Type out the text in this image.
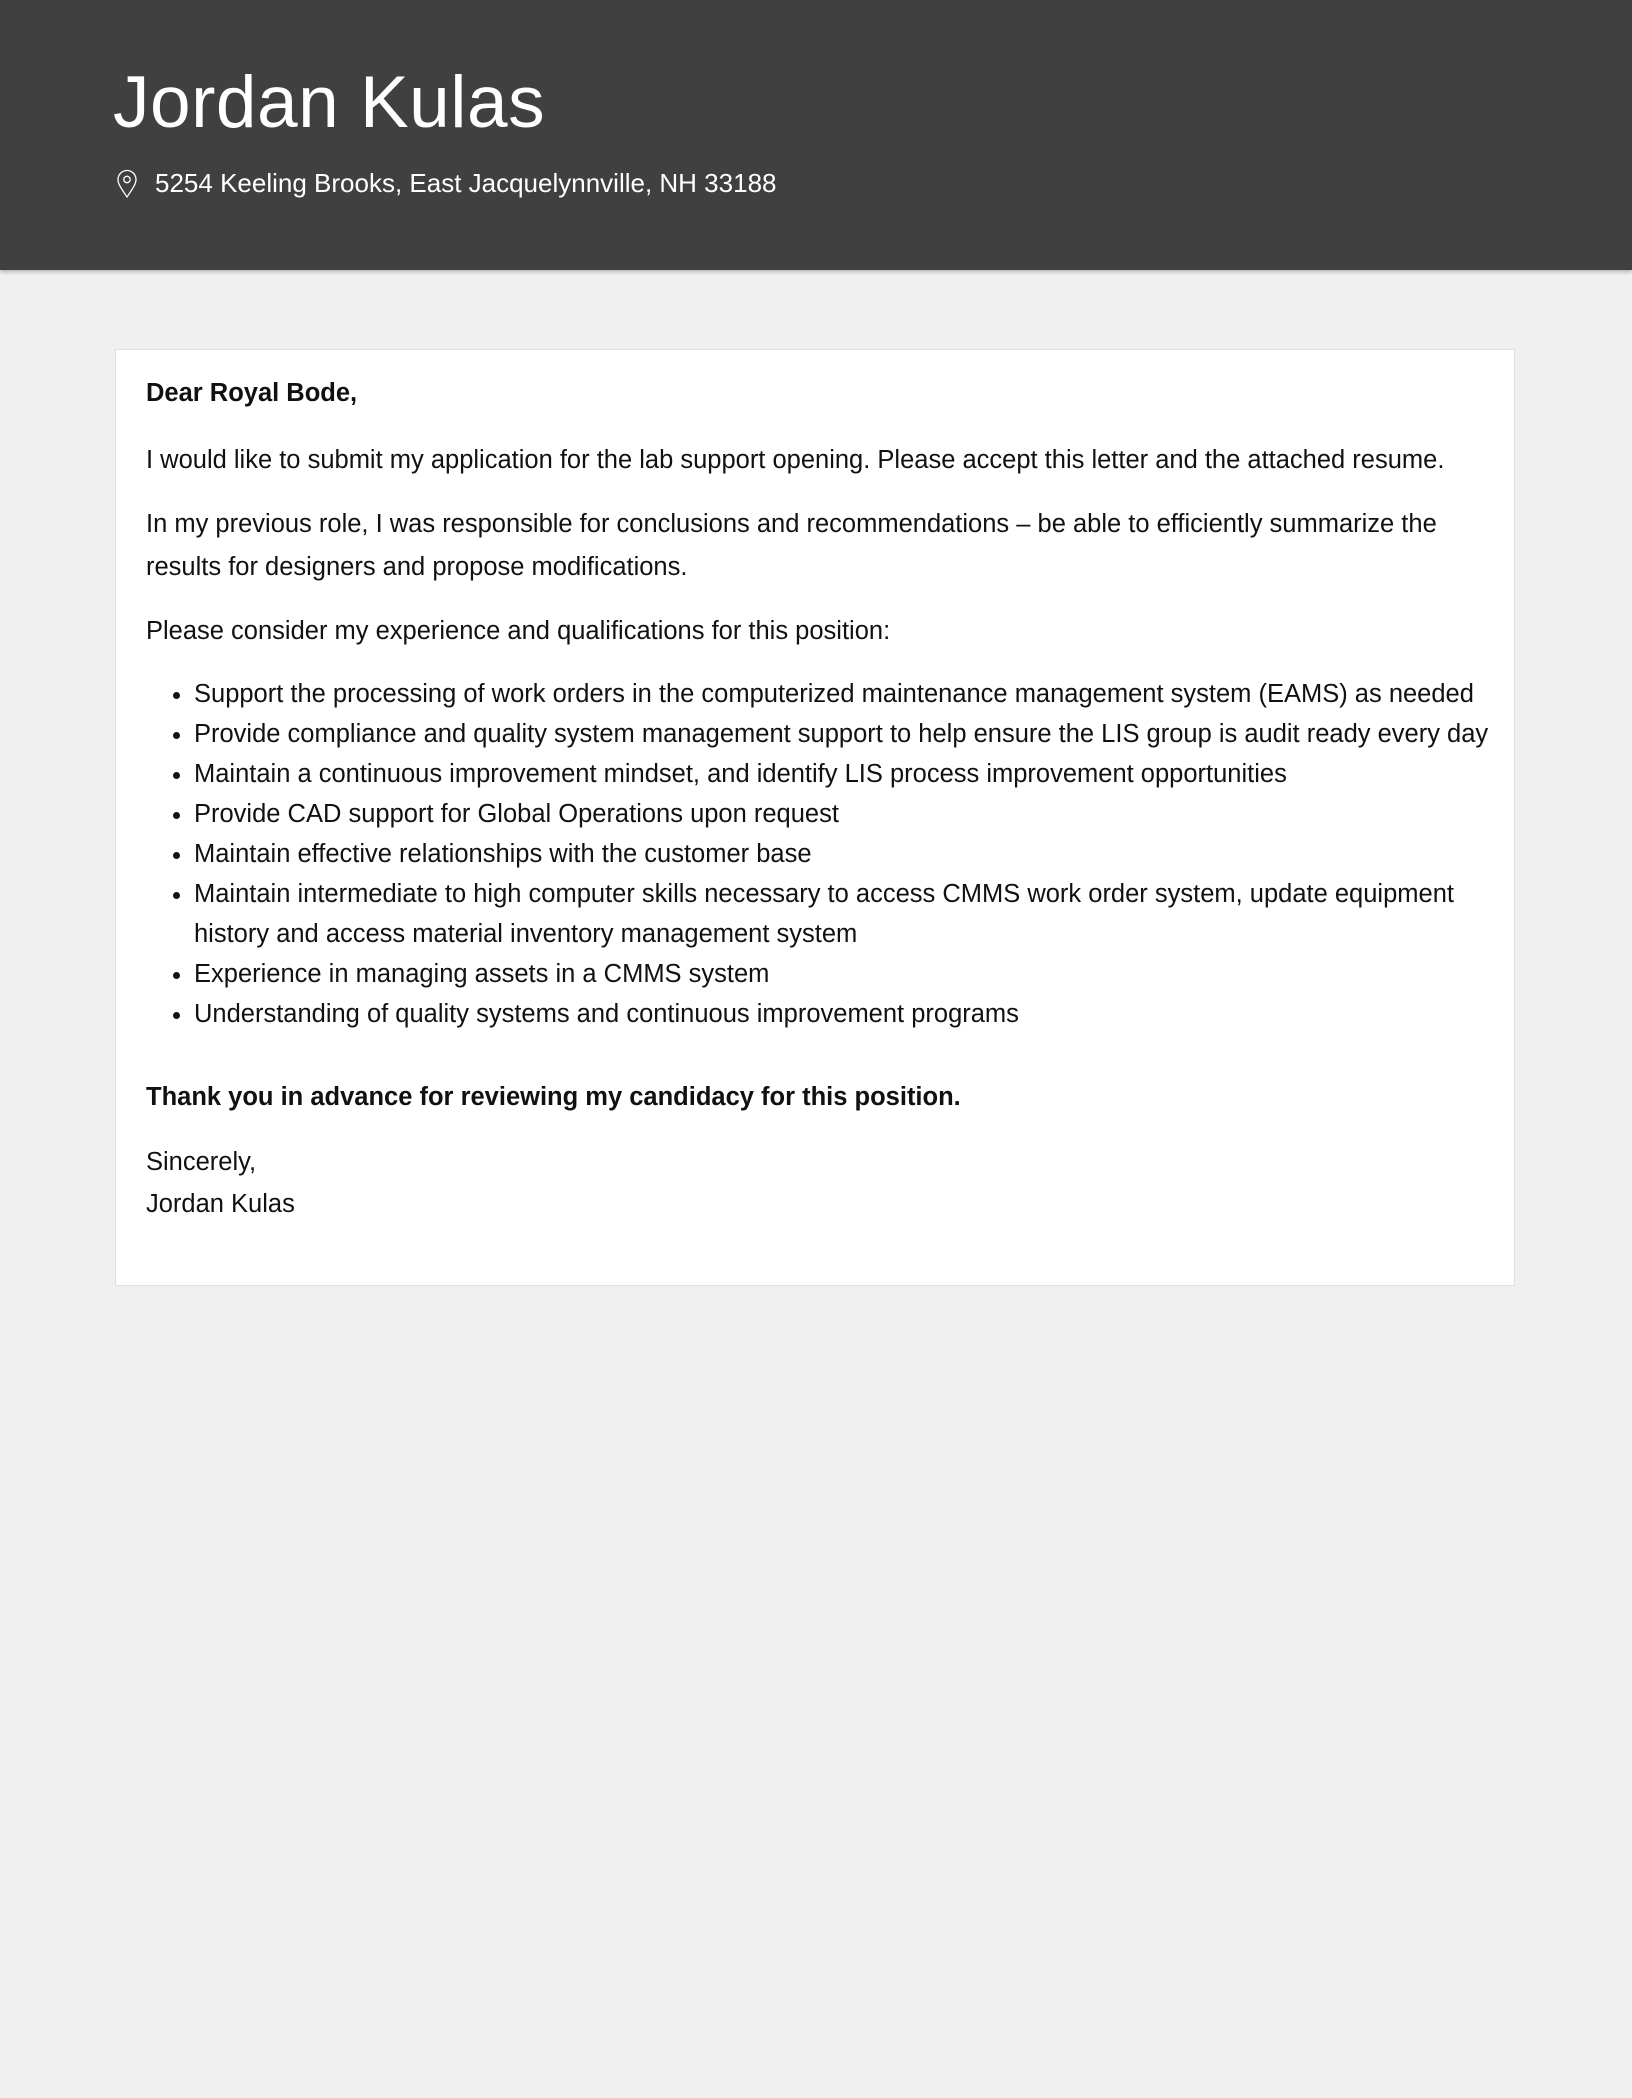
Jordan Kulas
5254 Keeling Brooks, East Jacquelynnville, NH 33188

Dear Royal Bode,

I would like to submit my application for the lab support opening. Please accept this letter and the attached resume.

In my previous role, I was responsible for conclusions and recommendations – be able to efficiently summarize the results for designers and propose modifications.

Please consider my experience and qualifications for this position:

• Support the processing of work orders in the computerized maintenance management system (EAMS) as needed
• Provide compliance and quality system management support to help ensure the LIS group is audit ready every day
• Maintain a continuous improvement mindset, and identify LIS process improvement opportunities
• Provide CAD support for Global Operations upon request
• Maintain effective relationships with the customer base
• Maintain intermediate to high computer skills necessary to access CMMS work order system, update equipment history and access material inventory management system
• Experience in managing assets in a CMMS system
• Understanding of quality systems and continuous improvement programs

Thank you in advance for reviewing my candidacy for this position.

Sincerely,

Jordan Kulas
